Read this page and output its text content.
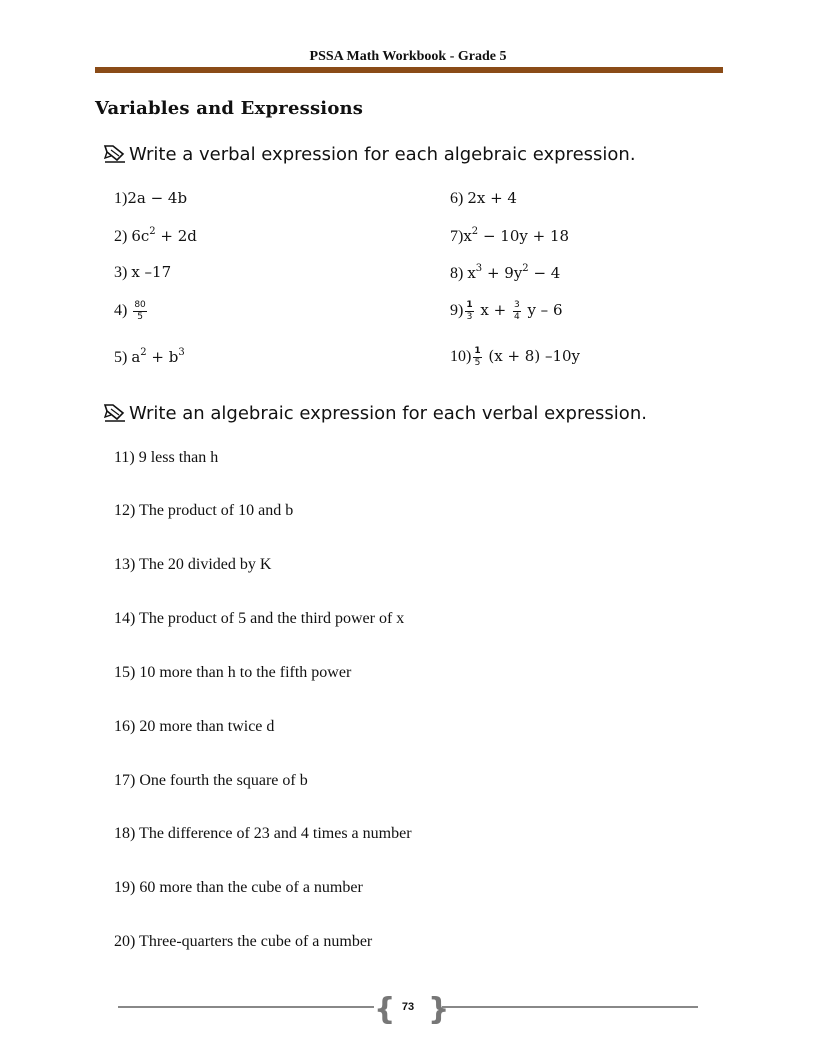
PSSA Math Workbook - Grade 5
Variables and Expressions
Write a verbal expression for each algebraic expression.
1)2a − 4b
2) $6c^2 + 2d$
3) x –17
$4) \frac{80}{5}$
5) $a^2 + b^3$
6) 2x + 4
$7)x^2 - 10y + 18$
8) $x^3 + 9y^2 - 4$
$9) \frac{1}{3}$ $x + \frac{3}{4}$ y – 6
$10) \frac{1}{5} (x + 8)$ –10y
Write an algebraic expression for each verbal expression.
11) 9 less than h
12) The product of 10 and b
13) The 20 divided by K
14) The product of 5 and the third power of x
15) 10 more than h to the fifth power
16) 20 more than twice d
17) One fourth the square of b
18) The difference of 23 and 4 times a number
19) 60 more than the cube of a number
20) Three-quarters the cube of a number
{ }
73
